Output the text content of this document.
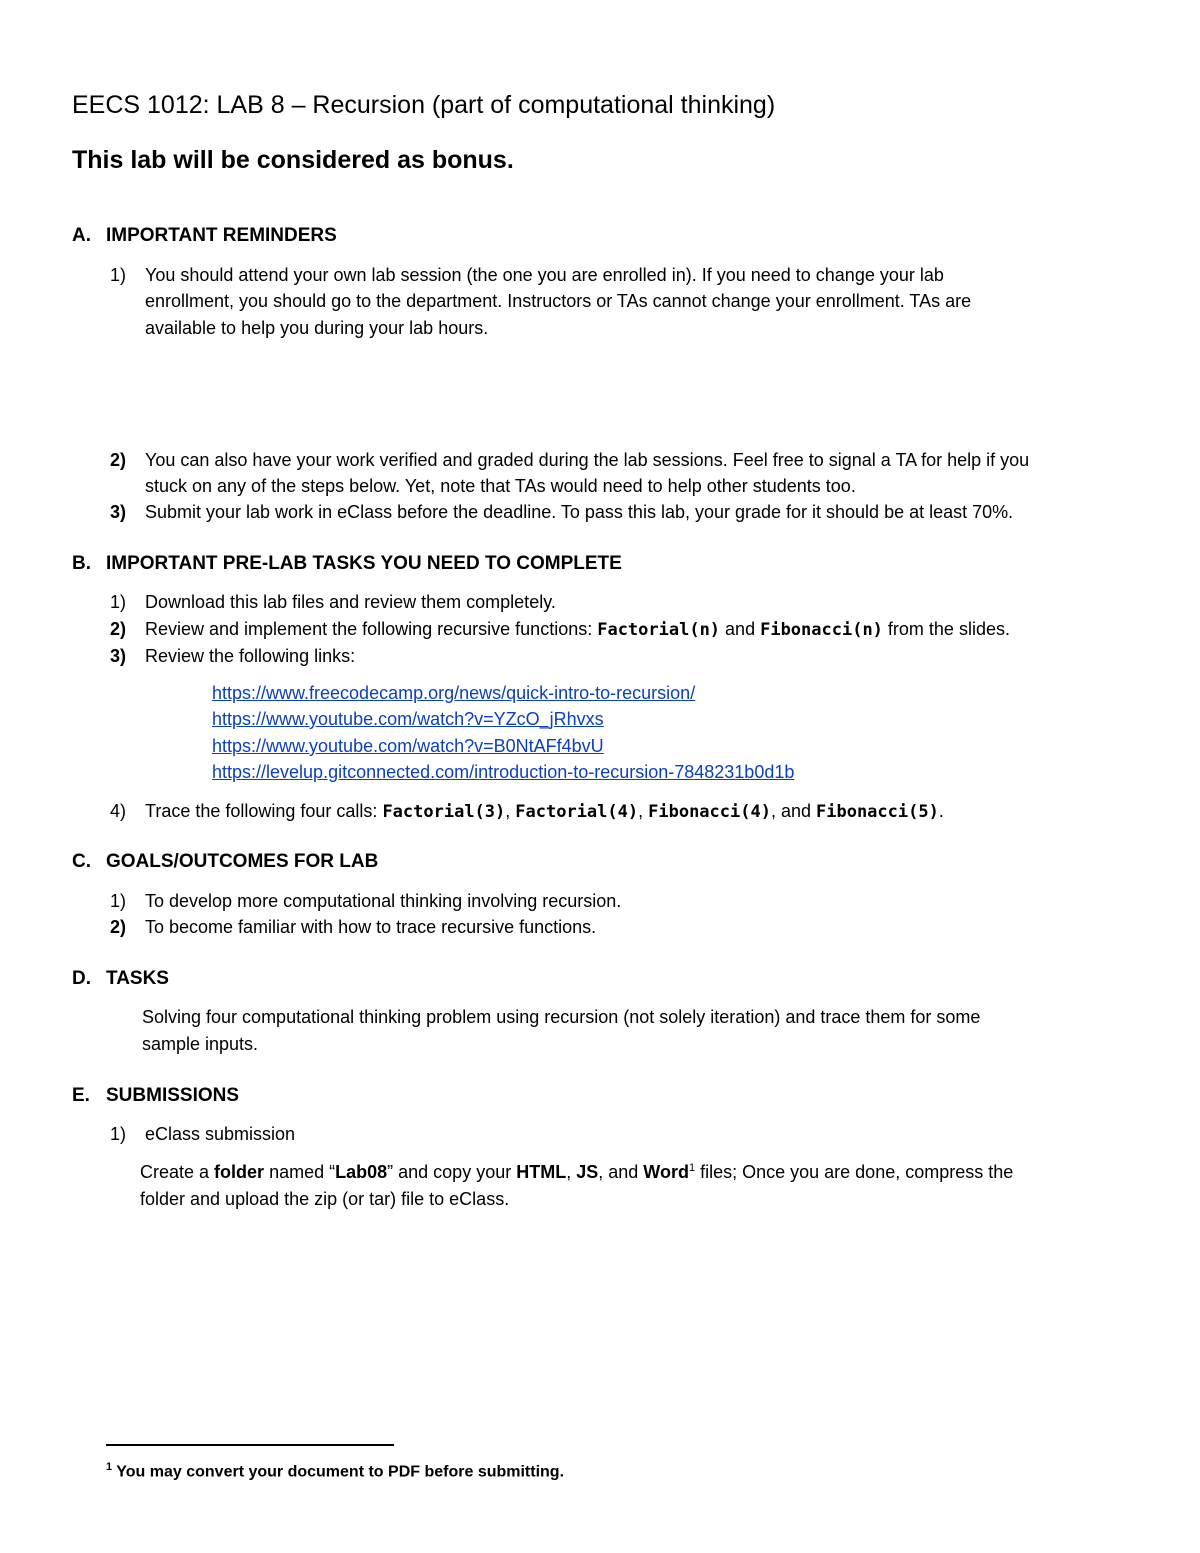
EECS 1012: LAB 8 – Recursion (part of computational thinking)
This lab will be considered as bonus.
A. IMPORTANT REMINDERS
1) You should attend your own lab session (the one you are enrolled in). If you need to change your lab
enrollment, you should go to the department. Instructors or TAs cannot change your enrollment. TAs are
available to help you during your lab hours.
2) You can also have your work verified and graded during the lab sessions. Feel free to signal a TA for help if you
stuck on any of the steps below. Yet, note that TAs would need to help other students too.
3) Submit your lab work in eClass before the deadline. To pass this lab, your grade for it should be at least 70%.
B. IMPORTANT PRE-LAB TASKS YOU NEED TO COMPLETE
1) Download this lab files and review them completely.
2) Review and implement the following recursive functions: Factorial(n) and Fibonacci(n) from the slides.
3) Review the following links:
https://www.freecodecamp.org/news/quick-intro-to-recursion/
https://www.youtube.com/watch?v=YZcO_jRhvxs
https://www.youtube.com/watch?v=B0NtAFf4bvU
https://levelup.gitconnected.com/introduction-to-recursion-7848231b0d1b
4) Trace the following four calls: Factorial(3), Factorial(4), Fibonacci(4), and Fibonacci(5).
C. GOALS/OUTCOMES FOR LAB
1) To develop more computational thinking involving recursion.
2) To become familiar with how to trace recursive functions.
D. TASKS
Solving four computational thinking problem using recursion (not solely iteration) and trace them for some
sample inputs.
E. SUBMISSIONS
1) eClass submission
Create a folder named “Lab08” and copy your HTML, JS, and Word$^1$ files; Once you are done, compress the
folder and upload the zip (or tar) file to eClass.
$^1$ You may convert your document to PDF before submitting.
